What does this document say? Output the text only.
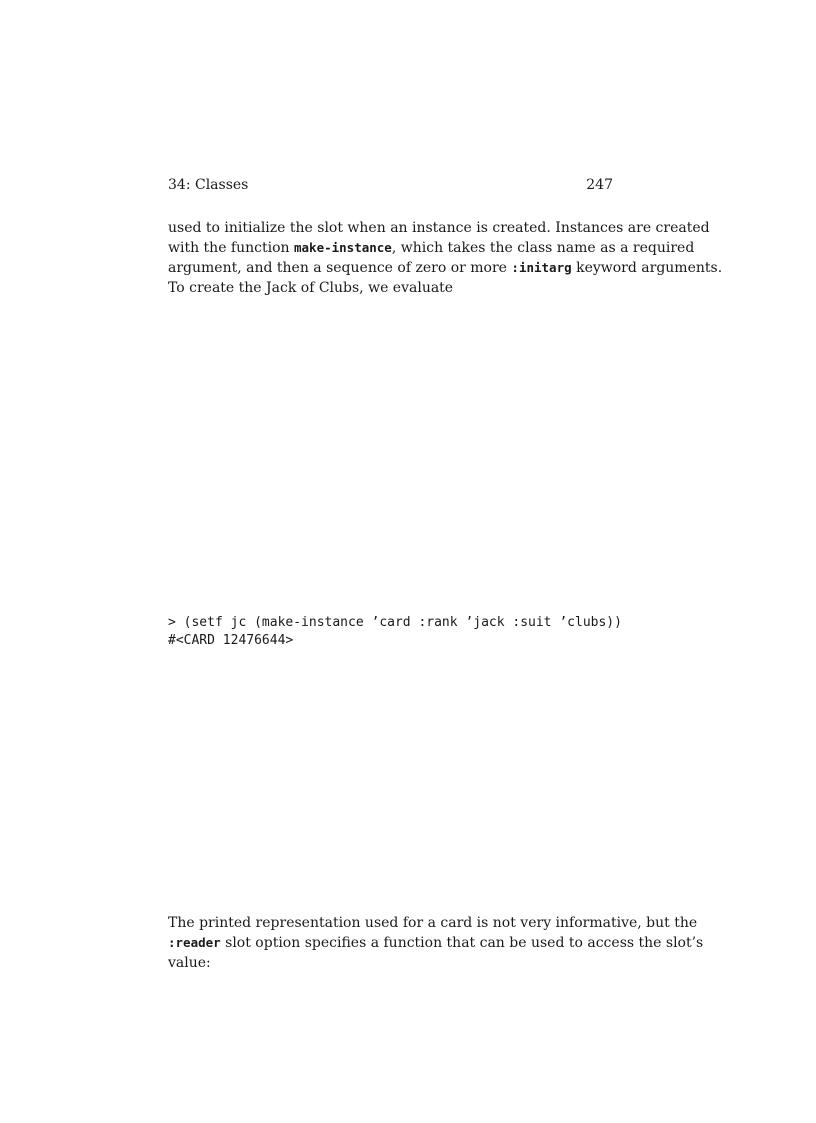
34: Classes	247
used to initialize the slot when an instance is created. Instances are created
with the function make-instance, which takes the class name as a required
argument, and then a sequence of zero or more :initarg keyword arguments.
To create the Jack of Clubs, we evaluate
> (setf jc (make-instance ’card :rank ’jack :suit ’clubs))
#<CARD 12476644>
The printed representation used for a card is not very informative, but the
:reader slot option specifies a function that can be used to access the slot’s
value:
